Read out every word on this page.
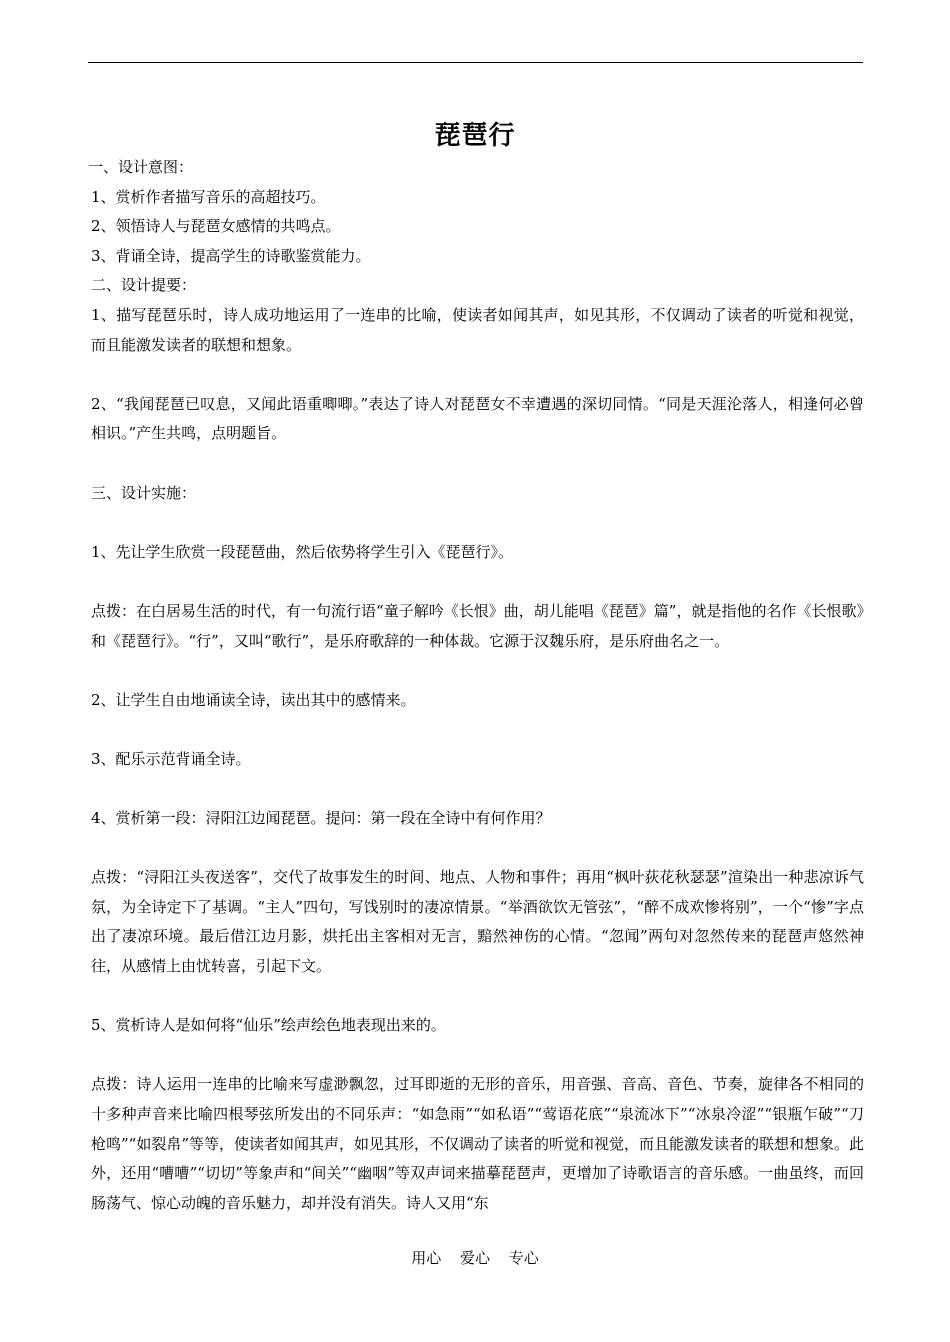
琵琶行

一、设计意图：

1、赏析作者描写音乐的高超技巧。

2、领悟诗人与琵琶女感情的共鸣点。

3、背诵全诗，提高学生的诗歌鉴赏能力。

二、设计提要：

1、描写琵琶乐时，诗人成功地运用了一连串的比喻，使读者如闻其声，如见其形，不仅调动了读者的听觉和视觉，而且能激发读者的联想和想象。

2、“我闻琵琶已叹息，又闻此语重唧唧。”表达了诗人对琵琶女不幸遭遇的深切同情。“同是天涯沦落人，相逢何必曾相识。”产生共鸣，点明题旨。

三、设计实施：

1、先让学生欣赏一段琵琶曲，然后依势将学生引入《琵琶行》。

点拨：在白居易生活的时代，有一句流行语“童子解吟《长恨》曲，胡儿能唱《琵琶》篇”，就是指他的名作《长恨歌》和《琵琶行》。“行”，又叫“歌行”，是乐府歌辞的一种体裁。它源于汉魏乐府，是乐府曲名之一。

2、让学生自由地诵读全诗，读出其中的感情来。

3、配乐示范背诵全诗。

4、赏析第一段：浔阳江边闻琵琶。提问：第一段在全诗中有何作用？

点拨：“浔阳江头夜送客”，交代了故事发生的时间、地点、人物和事件；再用“枫叶荻花秋瑟瑟”渲染出一种悲凉诉气氛，为全诗定下了基调。“主人”四句，写饯别时的凄凉情景。“举酒欲饮无管弦”，“醉不成欢惨将别”，一个“惨”字点出了凄凉环境。最后借江边月影，烘托出主客相对无言，黯然神伤的心情。“忽闻”两句对忽然传来的琵琶声悠然神往，从感情上由忧转喜，引起下文。

5、赏析诗人是如何将“仙乐”绘声绘色地表现出来的。

点拨：诗人运用一连串的比喻来写虚渺飘忽，过耳即逝的无形的音乐，用音强、音高、音色、节奏，旋律各不相同的十多种声音来比喻四根琴弦所发出的不同乐声：“如急雨”“如私语”“莺语花底”“泉流冰下”“冰泉冷涩”“银瓶乍破”“刀枪鸣”“如裂帛”等等，使读者如闻其声，如见其形，不仅调动了读者的听觉和视觉，而且能激发读者的联想和想象。此外，还用“嘈嘈”“切切”等象声和“间关”“幽咽”等双声词来描摹琵琶声，更增加了诗歌语言的音乐感。一曲虽终，而回肠荡气、惊心动魄的音乐魅力，却并没有消失。诗人又用“东

用心 爱心 专心
